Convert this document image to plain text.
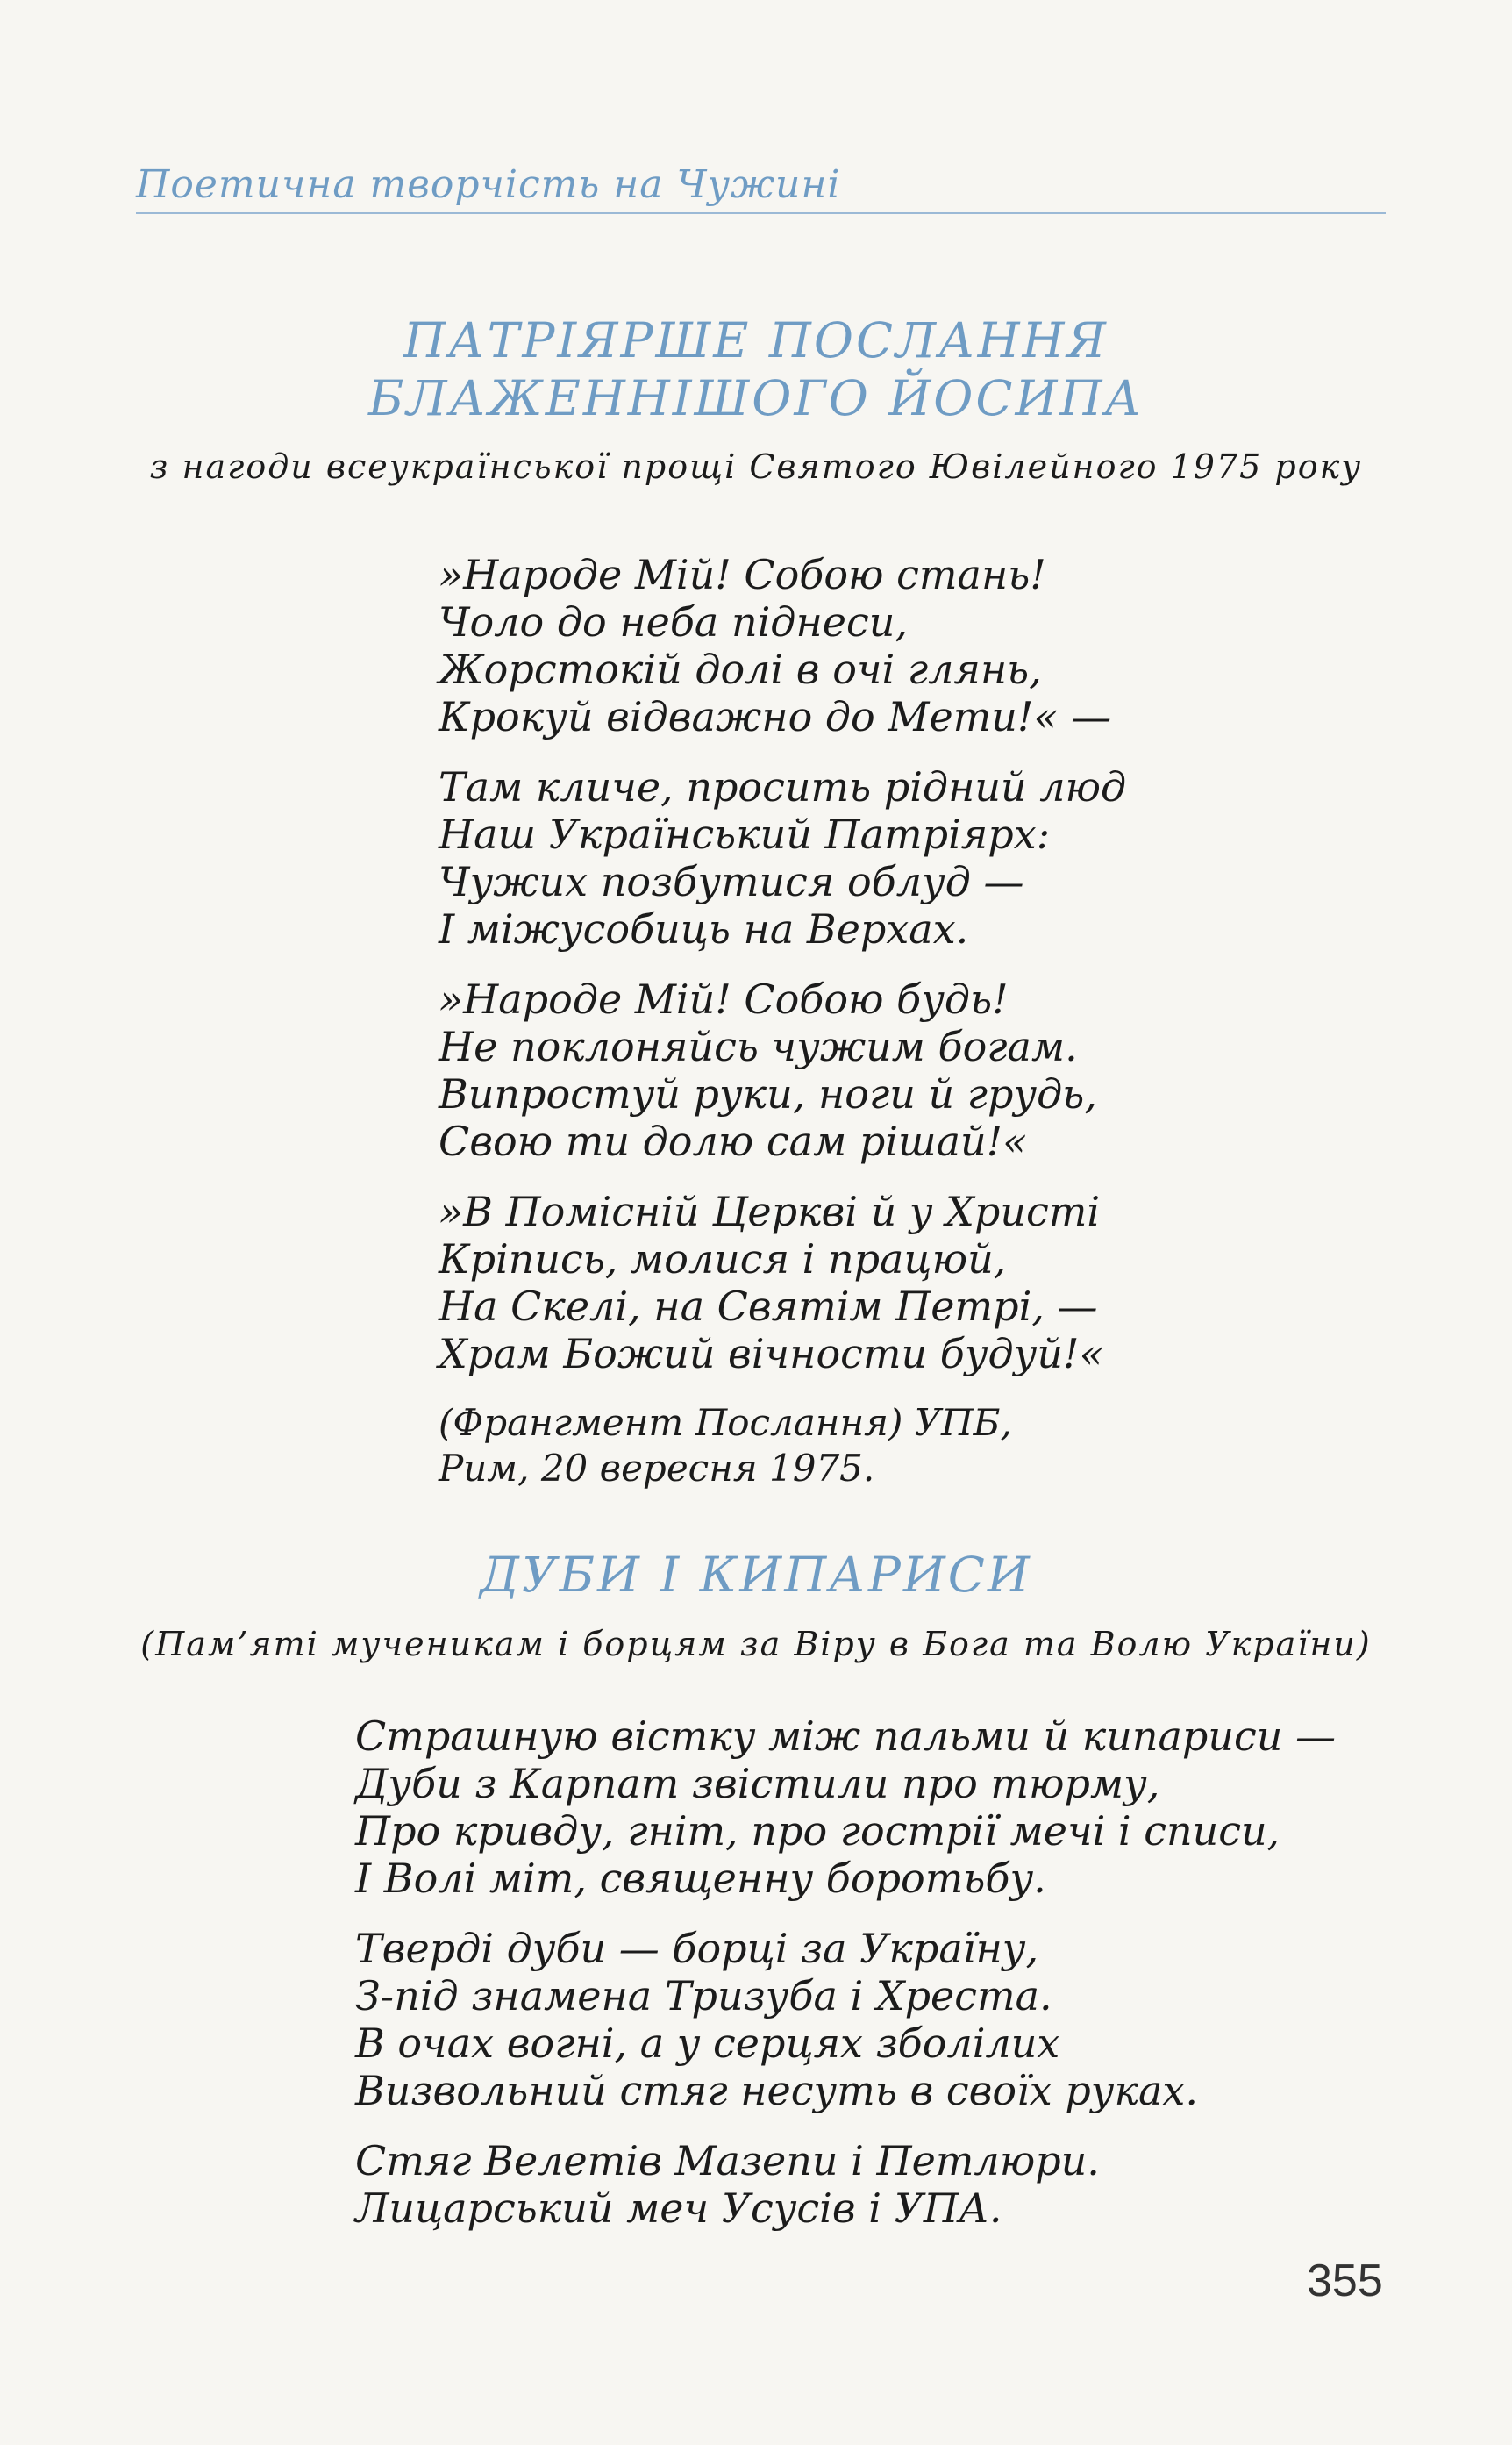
Поетична творчість на Чужині
ПАТРІЯРШЕ ПОСЛАННЯ
БЛАЖЕННІШОГО ЙОСИПА

з нагоди всеукраїнської прощі Святого Ювілейного 1975 року

»Народе Мій! Собою стань!
Чоло до неба піднеси,
Жорстокій долі в очі глянь,
Крокуй відважно до Мети!« —
Там кличе, просить рідний люд
Наш Український Патріярх:
Чужих позбутися облуд —
І міжусобиць на Верхах.
»Народе Мій! Собою будь!
Не поклоняйсь чужим богам.
Випростуй руки, ноги й грудь,
Свою ти долю сам рішай!«
»В Помісній Церкві й у Христі
Кріпись, молися і працюй,
На Скелі, на Святім Петрі, —
Храм Божий вічности будуй!«
(Франгмент Послання) УПБ,
Рим, 20 вересня 1975.
ДУБИ І КИПАРИСИ

(Пам’яті мученикам і борцям за Віру в Бога та Волю України)

Страшную вістку між пальми й кипариси —
Дуби з Карпат звістили про тюрму,
Про кривду, гніт, про гострії мечі і списи,
І Волі міт, священну боротьбу.
Тверді дуби — борці за Україну,
З-під знамена Тризуба і Хреста.
В очах вогні, а у серцях зболілих
Визвольний стяг несуть в своїх руках.
Стяг Велетів Мазепи і Петлюри.
Лицарський меч Усусів і УПА.
355
